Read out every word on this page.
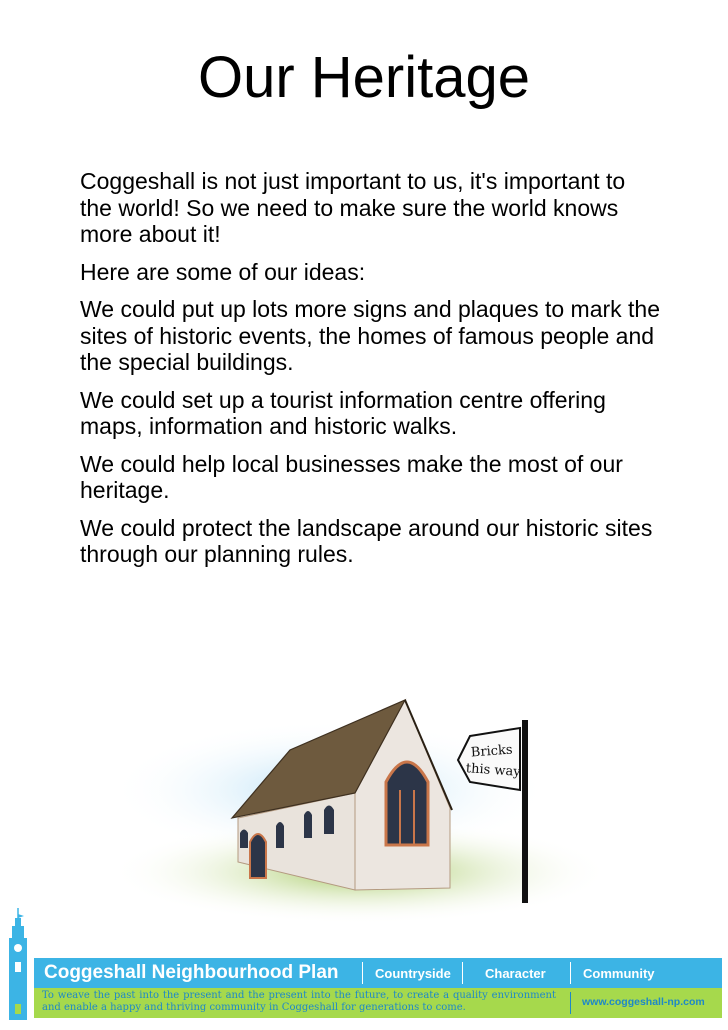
Our Heritage

Coggeshall is not just important to us, it's important to the world! So we need to make sure the world knows more about it!

Here are some of our ideas:

We could put up lots more signs and plaques to mark the sites of historic events, the homes of famous people and the special buildings.

We could set up a tourist information centre offering maps, information and historic walks.

We could help local businesses make the most of our heritage.

We could protect the landscape around our historic sites through our planning rules.

Bricks
this way
Coggeshall Neighbourhood Plan	Countryside	Character	Community
To weave the past into the present and the present into the future, to create a quality environment and enable a happy and thriving community in Coggeshall for generations to come.	www.coggeshall-np.com
